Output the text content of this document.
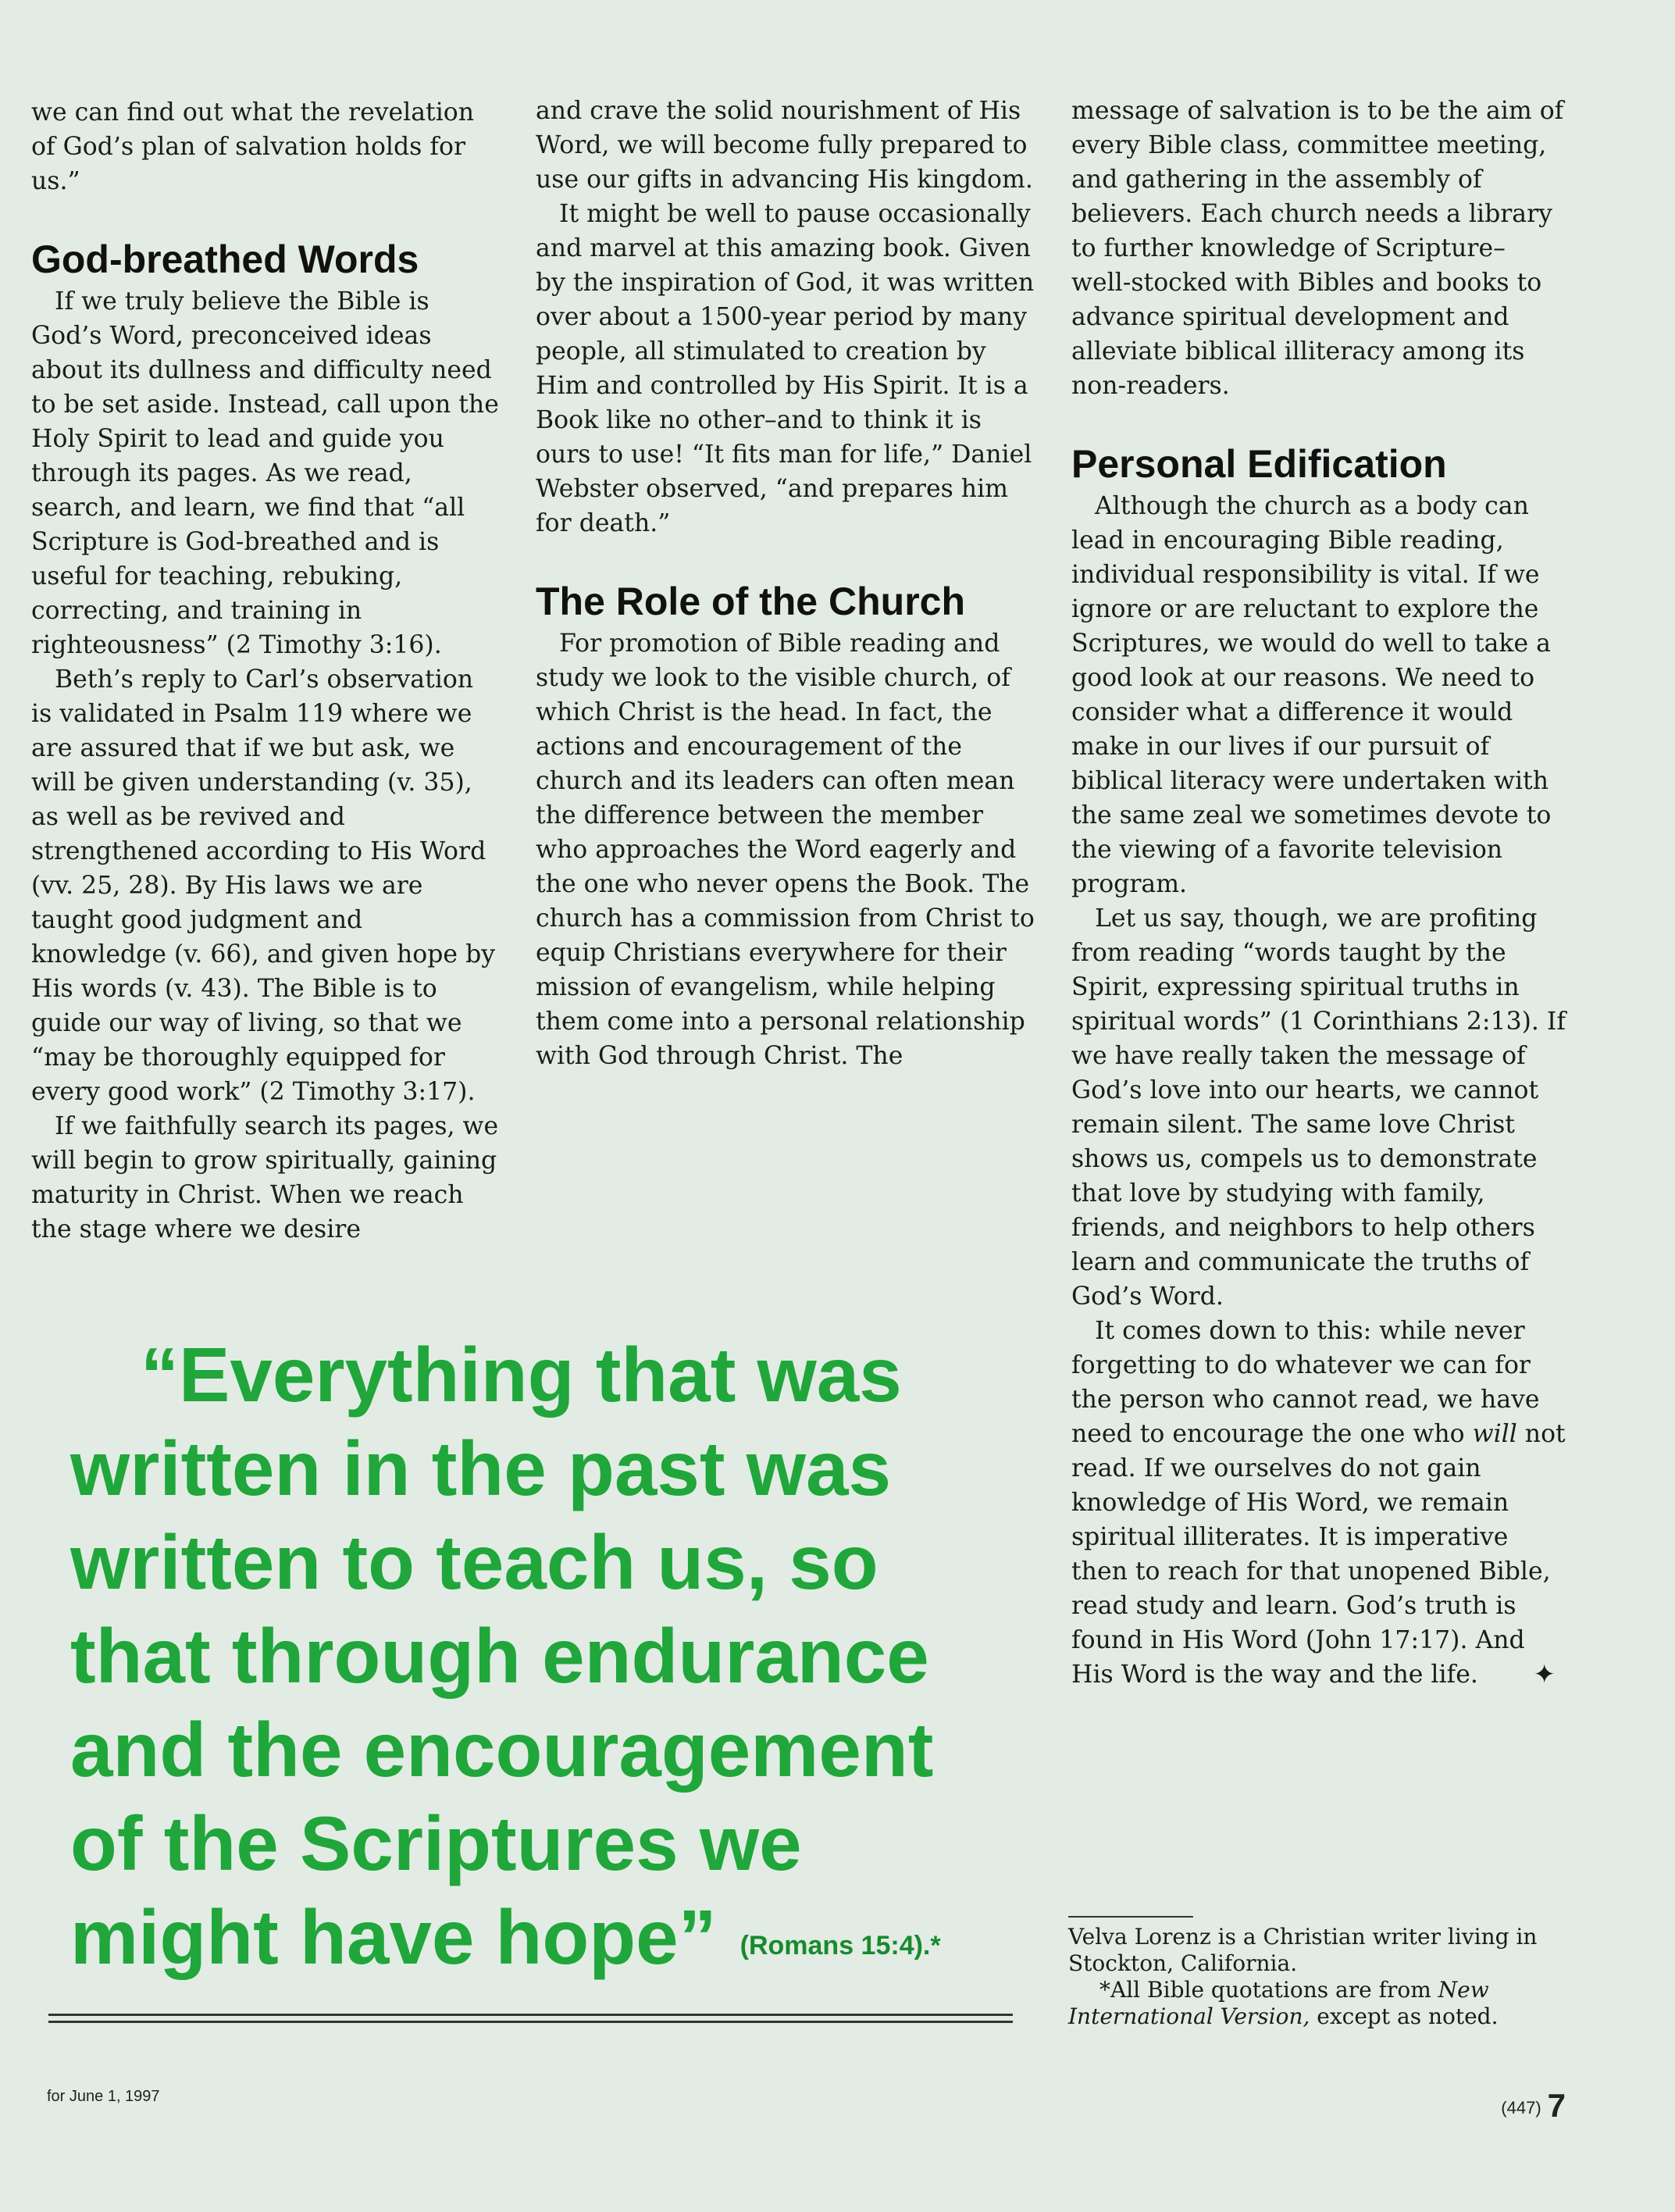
we can find out what the revelation of God’s plan of salvation holds for us.”

God-breathed Words

If we truly believe the Bible is God’s Word, preconceived ideas about its dullness and difficulty need to be set aside. Instead, call upon the Holy Spirit to lead and guide you through its pages. As we read, search, and learn, we find that “all Scripture is God-breathed and is useful for teaching, rebuking, correcting, and training in righteousness” (2 Timothy 3:16).

Beth’s reply to Carl’s observation is validated in Psalm 119 where we are assured that if we but ask, we will be given understanding (v. 35), as well as be revived and strengthened according to His Word (vv. 25, 28). By His laws we are taught good judgment and knowledge (v. 66), and given hope by His words (v. 43). The Bible is to guide our way of living, so that we “may be thoroughly equipped for every good work” (2 Timothy 3:17).

If we faithfully search its pages, we will begin to grow spiritually, gaining maturity in Christ. When we reach the stage where we desire

and crave the solid nourishment of His Word, we will become fully prepared to use our gifts in advancing His kingdom.

It might be well to pause occasionally and marvel at this amazing book. Given by the inspiration of God, it was written over about a 1500-year period by many people, all stimulated to creation by Him and controlled by His Spirit. It is a Book like no other–and to think it is ours to use! “It fits man for life,” Daniel Webster observed, “and prepares him for death.”

The Role of the Church

For promotion of Bible reading and study we look to the visible church, of which Christ is the head. In fact, the actions and encouragement of the church and its leaders can often mean the difference between the member who approaches the Word eagerly and the one who never opens the Book. The church has a commission from Christ to equip Christians everywhere for their mission of evangelism, while helping them come into a personal relationship with God through Christ. The

message of salvation is to be the aim of every Bible class, committee meeting, and gathering in the assembly of believers. Each church needs a library to further knowledge of Scripture– well-stocked with Bibles and books to advance spiritual development and alleviate biblical illiteracy among its non-readers.

Personal Edification

Although the church as a body can lead in encouraging Bible reading, individual responsibility is vital. If we ignore or are reluctant to explore the Scriptures, we would do well to take a good look at our reasons. We need to consider what a difference it would make in our lives if our pursuit of biblical literacy were undertaken with the same zeal we sometimes devote to the viewing of a favorite television program.

Let us say, though, we are profiting from reading “words taught by the Spirit, expressing spiritual truths in spiritual words” (1 Corinthians 2:13). If we have really taken the message of God’s love into our hearts, we cannot remain silent. The same love Christ shows us, compels us to demonstrate that love by studying with family, friends, and neighbors to help others learn and communicate the truths of God’s Word.

It comes down to this: while never forgetting to do whatever we can for the person who cannot read, we have need to encourage the one who will not read. If we ourselves do not gain knowledge of His Word, we remain spiritual illiterates. It is imperative then to reach for that unopened Bible, read study and learn. God’s truth is found in His Word (John 17:17). And His Word is the way and the life.	✦

“Everything that was
written in the past was
written to teach us, so
that through endurance
and the encouragement
of the Scriptures we
might have hope” (Romans 15:4).*	Velva Lorenz is a Christian writer living in Stockton, California.

*All Bible quotations are from New International Version, except as noted.

for June 1, 1997
(447) 7
